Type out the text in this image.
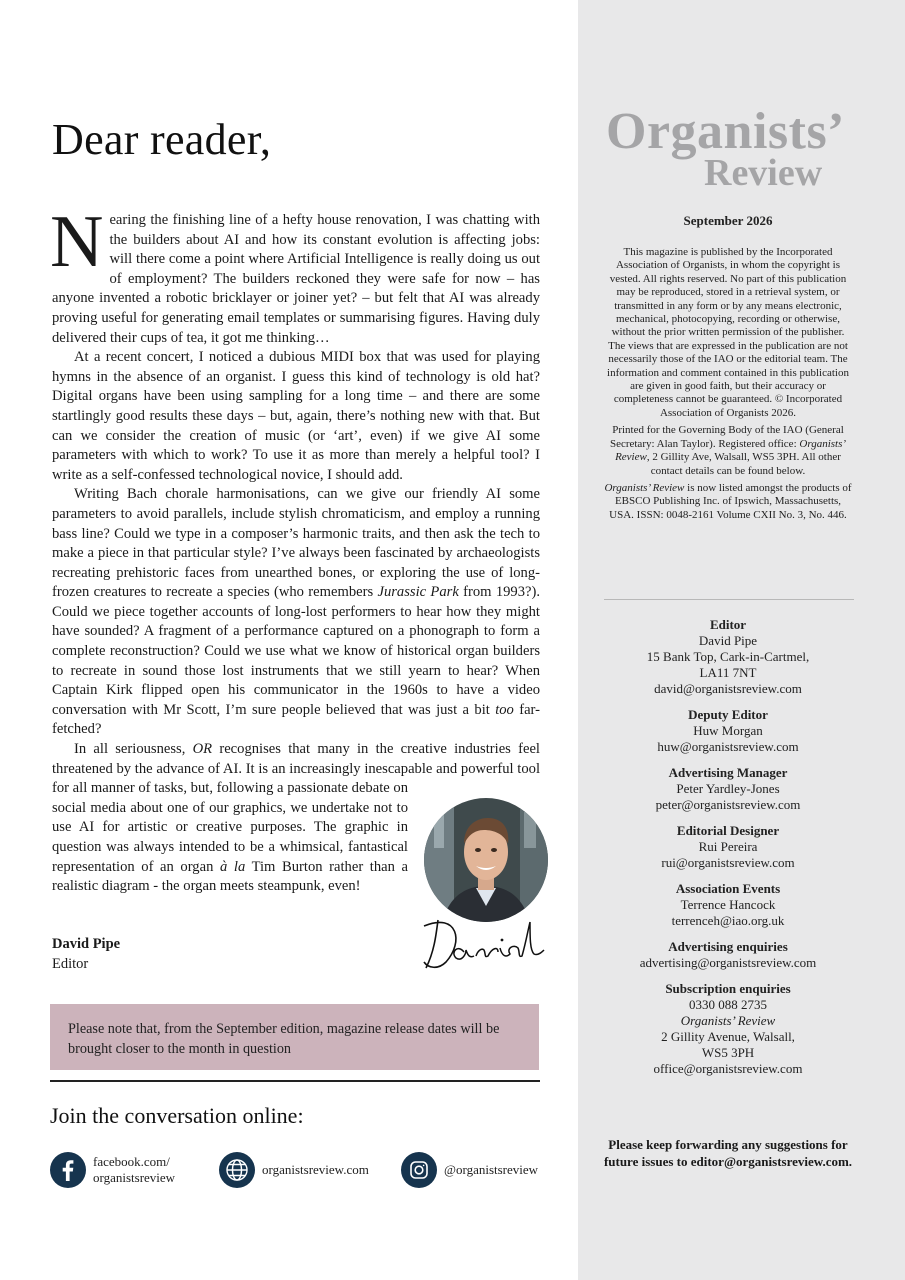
Organists’
Review
September 2026

This magazine is published by the Incorporated Association of Organists, in whom the copyright is vested. All rights reserved. No part of this publication may be reproduced, stored in a retrieval system, or transmitted in any form or by any means electronic, mechanical, photocopying, recording or otherwise, without the prior written permission of the publisher. The views that are expressed in the publication are not necessarily those of the IAO or the editorial team. The information and comment contained in this publication are given in good faith, but their accuracy or completeness cannot be guaranteed. © Incorporated Association of Organists 2026.

Printed for the Governing Body of the IAO (General Secretary: Alan Taylor). Registered office: Organists’ Review, 2 Gillity Ave, Walsall, WS5 3PH. All other contact details can be found below.

Organists’ Review is now listed amongst the products of EBSCO Publishing Inc. of Ipswich, Massachusetts, USA. ISSN: 0048-2161 Volume CXII No. 3, No. 446.

Editor
David Pipe
15 Bank Top, Cark-in-Cartmel,
LA11 7NT
david@organistsreview.com
Deputy Editor
Huw Morgan
huw@organistsreview.com
Advertising Manager
Peter Yardley-Jones
peter@organistsreview.com
Editorial Designer
Rui Pereira
rui@organistsreview.com
Association Events
Terrence Hancock
terrenceh@iao.org.uk
Advertising enquiries
advertising@organistsreview.com
Subscription enquiries
0330 088 2735
Organists’ Review
2 Gillity Avenue, Walsall,
WS5 3PH
office@organistsreview.com
Please keep forwarding any suggestions for future issues to editor@organistsreview.com.
Dear reader,
N earing the finishing line of a hefty house renovation, I was chatting with the builders about AI and how its constant evolution is affecting jobs: will there come a point where Artificial Intelligence is really doing us out of employment? The builders reckoned they were safe for now – has anyone invented a robotic bricklayer or joiner yet? – but felt that AI was already proving useful for generating email templates or summarising figures. Having duly delivered their cups of tea, it got me thinking…

At a recent concert, I noticed a dubious MIDI box that was used for playing hymns in the absence of an organist. I guess this kind of technology is old hat? Digital organs have been using sampling for a long time – and there are some startlingly good results these days – but, again, there’s nothing new with that. But can we consider the creation of music (or ‘art’, even) if we give AI some parameters with which to work? To use it as more than merely a helpful tool? I write as a self-confessed technological novice, I should add.

Writing Bach chorale harmonisations, can we give our friendly AI some parameters to avoid parallels, include stylish chromaticism, and employ a running bass line? Could we type in a composer’s harmonic traits, and then ask the tech to make a piece in that particular style? I’ve always been fascinated by archaeologists recreating prehistoric faces from unearthed bones, or exploring the use of long-frozen creatures to recreate a species (who remembers Jurassic Park from 1993?). Could we piece together accounts of long-lost performers to hear how they might have sounded? A fragment of a performance captured on a phonograph to form a complete reconstruction? Could we use what we know of historical organ builders to recreate in sound those lost instruments that we still yearn to hear? When Captain Kirk flipped open his communicator in the 1960s to have a video conversation with Mr Scott, I’m sure people believed that was just a bit too far-fetched?

In all seriousness, OR recognises that many in the creative industries feel threatened by the advance of AI. It is an increasingly inescapable and powerful tool for all manner of tasks, but, following a passionate debate on social media about one of our graphics, we undertake not to use AI for artistic or creative purposes. The graphic in question was always intended to be a whimsical, fantastical representation of an organ à la Tim Burton rather than a realistic diagram - the organ meets steampunk, even!

David Pipe
Editor
Please note that, from the September edition, magazine release dates will be brought closer to the month in question
Join the conversation online:
facebook.com/
organistsreview
organistsreview.com	@organistsreview
